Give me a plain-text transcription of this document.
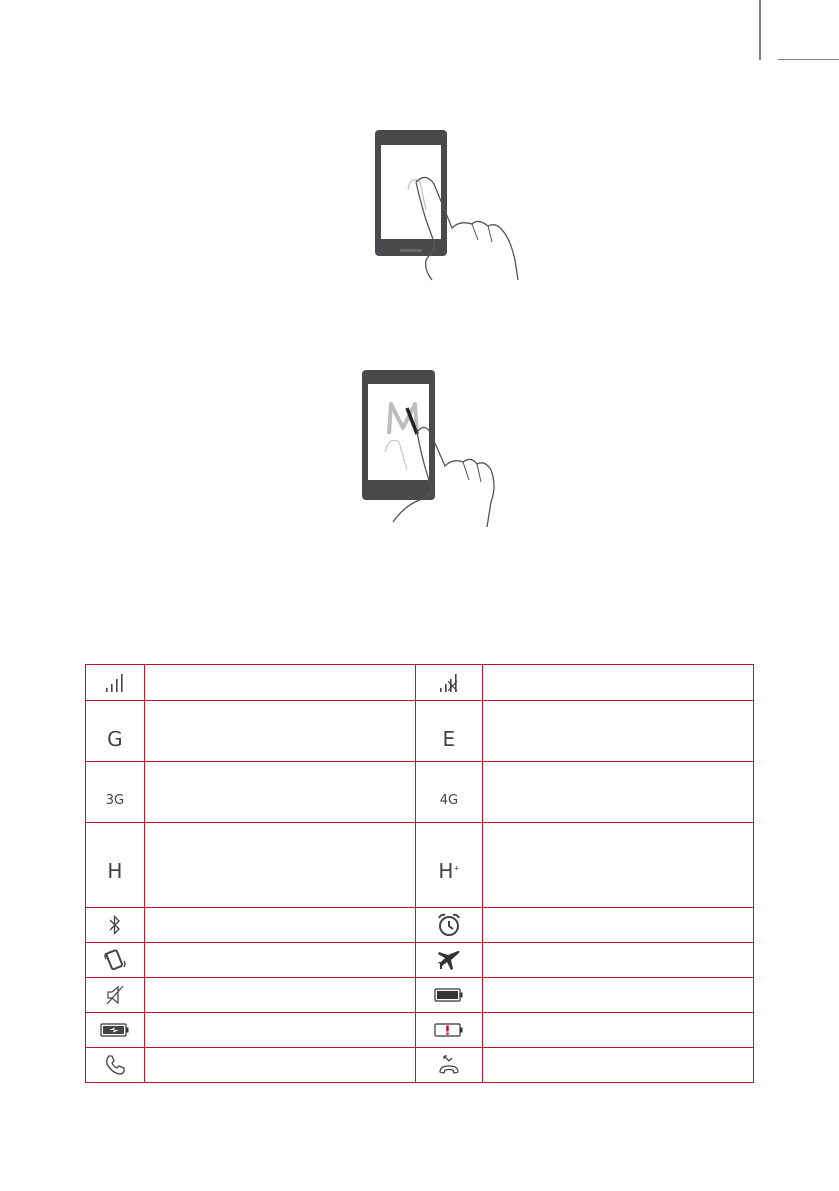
G		E	
3G		4G	
H		H+	
